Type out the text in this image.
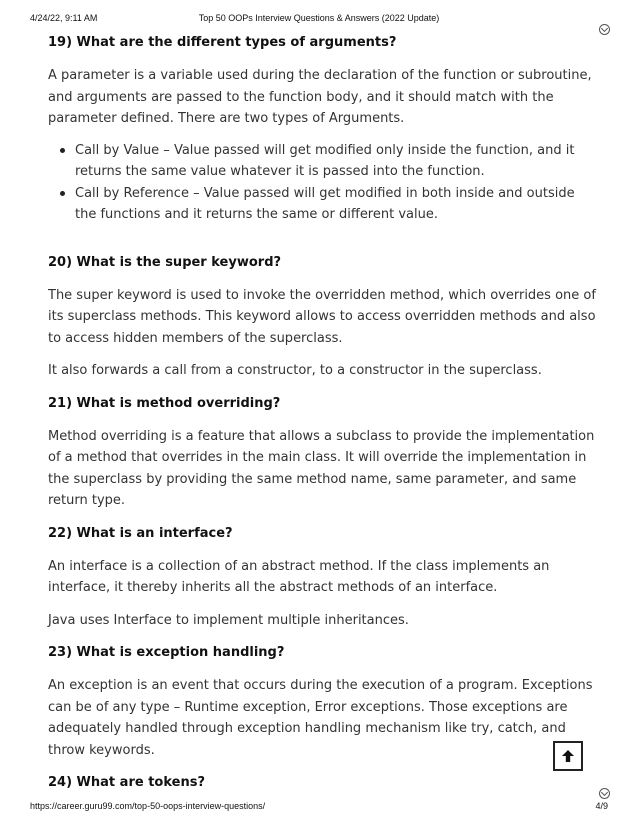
4/24/22, 9:11 AM	Top 50 OOPs Interview Questions & Answers (2022 Update)
19) What are the different types of arguments?

A parameter is a variable used during the declaration of the function or subroutine, and arguments are passed to the function body, and it should match with the parameter defined. There are two types of Arguments.

Call by Value – Value passed will get modified only inside the function, and it returns the same value whatever it is passed into the function.
Call by Reference – Value passed will get modified in both inside and outside the functions and it returns the same or different value.
20) What is the super keyword?

The super keyword is used to invoke the overridden method, which overrides one of its superclass methods. This keyword allows to access overridden methods and also to access hidden members of the superclass.

It also forwards a call from a constructor, to a constructor in the superclass.

21) What is method overriding?

Method overriding is a feature that allows a subclass to provide the implementation of a method that overrides in the main class. It will override the implementation in the superclass by providing the same method name, same parameter, and same return type.

22) What is an interface?

An interface is a collection of an abstract method. If the class implements an interface, it thereby inherits all the abstract methods of an interface.

Java uses Interface to implement multiple inheritances.

23) What is exception handling?

An exception is an event that occurs during the execution of a program. Exceptions can be of any type – Runtime exception, Error exceptions. Those exceptions are adequately handled through exception handling mechanism like try, catch, and throw keywords.

24) What are tokens?
https://career.guru99.com/top-50-oops-interview-questions/	4/9
